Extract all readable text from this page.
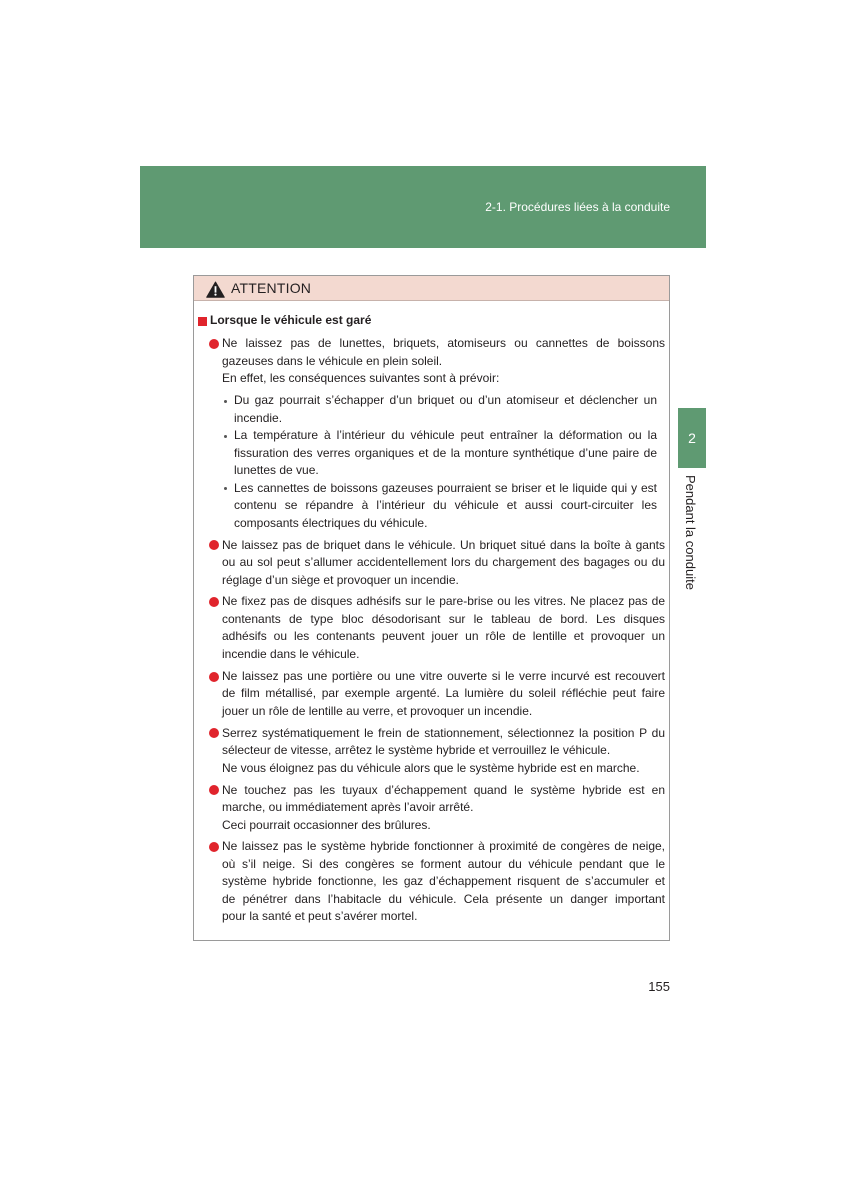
2-1. Procédures liées à la conduite
2
Pendant la conduite
ATTENTION
Lorsque le véhicule est garé
Ne laissez pas de lunettes, briquets, atomiseurs ou cannettes de boissons
gazeuses dans le véhicule en plein soleil.
En effet, les conséquences suivantes sont à prévoir:
Du gaz pourrait s’échapper d’un briquet ou d’un atomiseur et déclencher un
incendie.
La température à l’intérieur du véhicule peut entraîner la déformation ou la
fissuration des verres organiques et de la monture synthétique d’une paire de
lunettes de vue.
Les cannettes de boissons gazeuses pourraient se briser et le liquide qui y est
contenu se répandre à l’intérieur du véhicule et aussi court-circuiter les
composants électriques du véhicule.
Ne laissez pas de briquet dans le véhicule. Un briquet situé dans la boîte à gants
ou au sol peut s’allumer accidentellement lors du chargement des bagages ou du
réglage d’un siège et provoquer un incendie.
Ne fixez pas de disques adhésifs sur le pare-brise ou les vitres. Ne placez pas de
contenants de type bloc désodorisant sur le tableau de bord. Les disques
adhésifs ou les contenants peuvent jouer un rôle de lentille et provoquer un
incendie dans le véhicule.
Ne laissez pas une portière ou une vitre ouverte si le verre incurvé est recouvert
de film métallisé, par exemple argenté. La lumière du soleil réfléchie peut faire
jouer un rôle de lentille au verre, et provoquer un incendie.
Serrez systématiquement le frein de stationnement, sélectionnez la position P du
sélecteur de vitesse, arrêtez le système hybride et verrouillez le véhicule.
Ne vous éloignez pas du véhicule alors que le système hybride est en marche.
Ne touchez pas les tuyaux d’échappement quand le système hybride est en
marche, ou immédiatement après l’avoir arrêté.
Ceci pourrait occasionner des brûlures.
Ne laissez pas le système hybride fonctionner à proximité de congères de neige,
où s’il neige. Si des congères se forment autour du véhicule pendant que le
système hybride fonctionne, les gaz d’échappement risquent de s’accumuler et
de pénétrer dans l’habitacle du véhicule. Cela présente un danger important
pour la santé et peut s’avérer mortel.
155
